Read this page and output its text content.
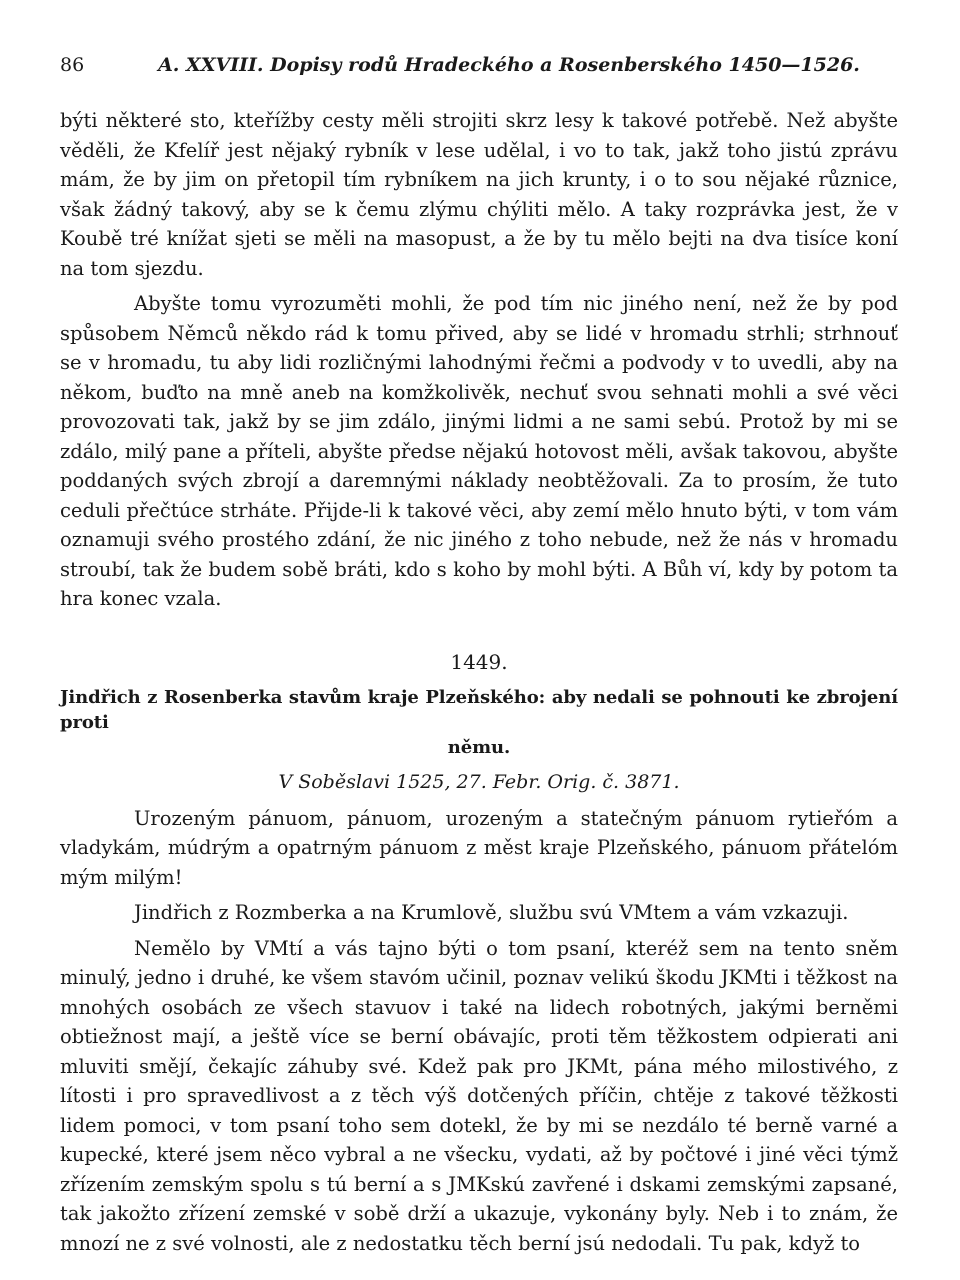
86	A. XXVIII. Dopisy rodů Hradeckého a Rosenberského 1450—1526.

býti některé sto, kteřížby cesty měli strojiti skrz lesy k takové potřebě. Než abyšte věděli, že Kfelíř jest nějaký rybník v lese udělal, i vo to tak, jakž toho jistú zprávu mám, že by jim on přetopil tím rybníkem na jich krunty, i o to sou nějaké různice, však žádný takový, aby se k čemu zlýmu chýliti mělo. A taky rozprávka jest, že v Koubě tré knížat sjeti se měli na masopust, a že by tu mělo bejti na dva tisíce koní na tom sjezdu.

Abyšte tomu vyrozuměti mohli, že pod tím nic jiného není, než že by pod spůsobem Němců někdo rád k tomu přived, aby se lidé v hromadu strhli; strhnouť se v hromadu, tu aby lidi rozličnými lahodnými řečmi a podvody v to uvedli, aby na někom, buďto na mně aneb na komžkolivěk, nechuť svou sehnati mohli a své věci provozovati tak, jakž by se jim zdálo, jinými lidmi a ne sami sebú. Protož by mi se zdálo, milý pane a příteli, abyšte předse nějakú hotovost měli, avšak takovou, abyšte poddaných svých zbrojí a daremnými náklady neobtěžovali. Za to prosím, že tuto ceduli přečtúce strháte. Přijde-li k takové věci, aby zemí mělo hnuto býti, v tom vám oznamuji svého prostého zdání, že nic jiného z toho nebude, než že nás v hromadu stroubí, tak že budem sobě bráti, kdo s koho by mohl býti. A Bůh ví, kdy by potom ta hra konec vzala.

1449.
Jindřich z Rosenberka stavům kraje Plzeňského: aby nedali se pohnouti ke zbrojení proti
němu.
V Soběslavi 1525, 27. Febr. Orig. č. 3871.

Urozeným pánuom, pánuom, urozeným a statečným pánuom rytieřóm a vladykám, múdrým a opatrným pánuom z měst kraje Plzeňského, pánuom přátelóm mým milým!

Jindřich z Rozmberka a na Krumlově, službu svú VMtem a vám vzkazuji.

Nemělo by VMtí a vás tajno býti o tom psaní, kteréž sem na tento sněm minulý, jedno i druhé, ke všem stavóm učinil, poznav velikú škodu JKMti i těžkost na mnohých osobách ze všech stavuov i také na lidech robotných, jakými berněmi obtiežnost mají, a ještě více se berní obávajíc, proti těm těžkostem odpierati ani mluviti smějí, čekajíc záhuby své. Kdež pak pro JKMt, pána mého milostivého, z lítosti i pro spravedlivost a z těch výš dotčených příčin, chtěje z takové těžkosti lidem pomoci, v tom psaní toho sem dotekl, že by mi se nezdálo té berně varné a kupecké, které jsem něco vybral a ne všecku, vydati, až by počtové i jiné věci týmž zřízením zemským spolu s tú berní a s JMKskú zavřené i dskami zemskými zapsané, tak jakožto zřízení zemské v sobě drží a ukazuje, vykonány byly. Neb i to znám, že mnozí ne z své volnosti, ale z nedostatku těch berní jsú nedodali. Tu pak, když to
